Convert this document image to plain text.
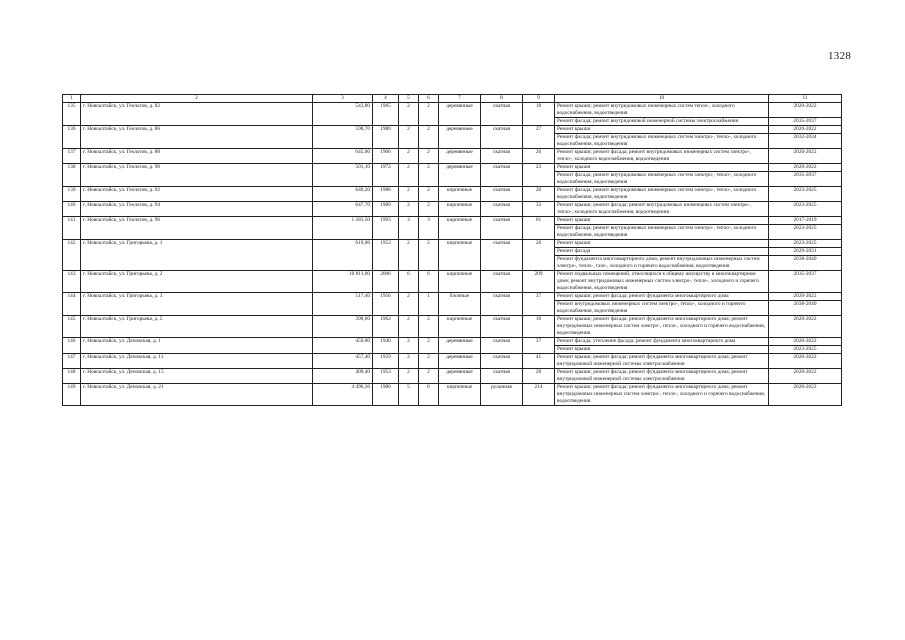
1328
1	2	3	4	5	6	7	8	9	10	11
135	г. Новоалтайск, ул. Геологов, д. 82	543,80	1965	2	2	деревянные	скатная	18	Ремонт крыши; ремонт внутридомовых инженерных систем тепло-, холодного водоснабжения, водоотведения	2020-2022
									Ремонт фасада; ремонт внутридомовой инженерной системы электроснабжения	2035-2037
136	г. Новоалтайск, ул. Геологов, д. 86	598,70	1980	2	2	деревянные	скатная	27	Ремонт крыши	2020-2022
									Ремонт фасада; ремонт внутридомовых инженерных систем электро-, тепло-, холодного водоснабжения, водоотведения	2032-2034
137	г. Новоалтайск, ул. Геологов, д. 88	645,00	1966	2	2	деревянные	скатная	26	Ремонт крыши; ремонт фасада; ремонт внутридомовых инженерных систем электро-, тепло-, холодного водоснабжения, водоотведения	2020-2022
138	г. Новоалтайск, ул. Геологов, д. 90	501,10	1972	2	2	деревянные	скатная	23	Ремонт крыши	2020-2022
									Ремонт фасада; ремонт внутридомовых инженерных систем электро-, тепло-, холодного водоснабжения, водоотведения	2035-2037
139	г. Новоалтайск, ул. Геологов, д. 92	640,20	1988	2	2	кирпичные	скатная	26	Ремонт фасада; ремонт внутридомовых инженерных систем электро-, тепло-, холодного водоснабжения, водоотведения	2023-2025
140	г. Новоалтайск, ул. Геологов, д. 94	647,70	1989	2	2	кирпичные	скатная	33	Ремонт крыши; ремонт фасада; ремонт внутридомовых инженерных систем электро-, тепло-, холодного водоснабжения, водоотведения	2023-2025
141	г. Новоалтайск, ул. Геологов, д. 96	1 281,50	1993	3	3	кирпичные	скатная	61	Ремонт крыши	2017-2019
									Ремонт фасада; ремонт внутридомовых инженерных систем электро-, тепло-, холодного водоснабжения, водоотведения	2023-2025
142	г. Новоалтайск, ул. Григорьева, д. 1	619,00	1953	2	2	кирпичные	скатная	26	Ремонт крыши	2023-2025
									Ремонт фасада	2029-2031
									Ремонт фундамента многоквартирного дома; ремонт внутридомовых инженерных систем электро-, тепло-, газо-, холодного и горячего водоснабжения, водоотведения	2038-2040
143	г. Новоалтайск, ул. Григорьева, д. 2	10 811,00	2006	6	6	кирпичные	скатная	209	Ремонт подвальных помещений, относящихся к общему имуществу в многоквартирном доме; ремонт внутридомовых инженерных систем электро-, тепло-, холодного и горячего водоснабжения, водоотведения	2035-2037
144	г. Новоалтайск, ул. Григорьева, д. 3	517,40	1956	2	1	блочные	скатная	37	Ремонт крыши; ремонт фасада; ремонт фундамента многоквартирного дома	2020-2022
									Ремонт внутридомовых инженерных систем электро-, тепло-, холодного и горячего водоснабжения, водоотведения	2038-2040
145	г. Новоалтайск, ул. Григорьева, д. 5	398,60	1962	2	2	кирпичные	скатная	16	Ремонт крыши; ремонт фасада; ремонт фундамента многоквартирного дома; ремонт внутридомовых инженерных систем электро-, тепло-, холодного и горячего водоснабжения, водоотведения	2020-2022
146	г. Новоалтайск, ул. Деповская, д. 1	459,80	1940	2	2	деревянные	скатная	37	Ремонт фасада, утепление фасада; ремонт фундамента многоквартирного дома	2020-2022
									Ремонт крыши	2023-2025
147	г. Новоалтайск, ул. Деповская, д. 11	457,40	1959	2	2	деревянные	скатная	41	Ремонт крыши; ремонт фасада; ремонт фундамента многоквартирного дома; ремонт внутридомовой инженерной системы электроснабжения	2020-2022
148	г. Новоалтайск, ул. Деповская, д. 15	409,40	1953	2	2	деревянные	скатная	28	Ремонт крыши; ремонт фасада; ремонт фундамента многоквартирного дома; ремонт внутридомовой инженерной системы электроснабжения	2020-2022
149	г. Новоалтайск, ул. Деповская, д. 21	4 496,20	1980	5	6	кирпичные	рулонная	214	Ремонт крыши; ремонт фасада; ремонт фундамента многоквартирного дома; ремонт внутридомовых инженерных систем электро-, тепло-, холодного и горячего водоснабжения, водоотведения	2020-2022
